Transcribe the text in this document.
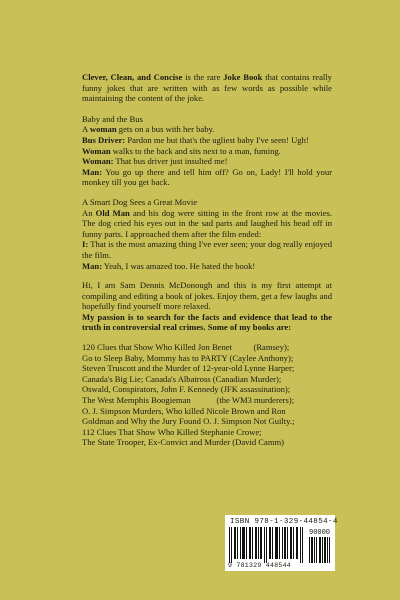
Clever, Clean, and Concise is the rare Joke Book that contains really funny jokes that are written with as few words as possible while maintaining the content of the joke.

Baby and the Bus

A woman gets on a bus with her baby.

Bus Driver: Pardon me but that's the ugliest baby I've seen! Ugh!

Woman walks to the back and sits next to a man, fuming.

Woman: That bus driver just insulted me!

Man: You go up there and tell him off? Go on, Lady! I'll hold your monkey till you get back.

A Smart Dog Sees a Great Movie

An Old Man and his dog were sitting in the front row at the movies. The dog cried his eyes out in the sad parts and laughed his head off in funny parts. I approached them after the film ended:

I: That is the most amazing thing I've ever seen; your dog really enjoyed the film.

Man: Yeah, I was amazed too. He hated the book!

Hi, I am Sam Dennis McDonough and this is my first attempt at compiling and editing a book of jokes. Enjoy them, get a few laughs and hopefully find yourself more relaxed.

My passion is to search for the facts and evidence that lead to the truth in controversial real crimes. Some of my books are:

120 Clues that Show Who Killed Jon Benet          (Ramsey);
Go to Sleep Baby, Mommy has to PARTY (Caylee Anthony);
Steven Truscott and the Murder of 12-year-old Lynne Harper;
Canada's Big Lie; Canada's Albatross (Canadian Murder);
Oswald, Conspirators, John F. Kennedy (JFK assassination);
The West Memphis Boogieman            (the WM3 murderers);
O. J. Simpson Murders, Who killed Nicole Brown and Ron
Goldman and Why the Jury Found O. J. Simpson Not Guilty.;
112 Clues That Show Who Killed Stephanie Crowe;
The State Trooper, Ex-Convict and Murder (David Camm)
ISBN 978-1-329-44854-4
90000
9 781329 448544
